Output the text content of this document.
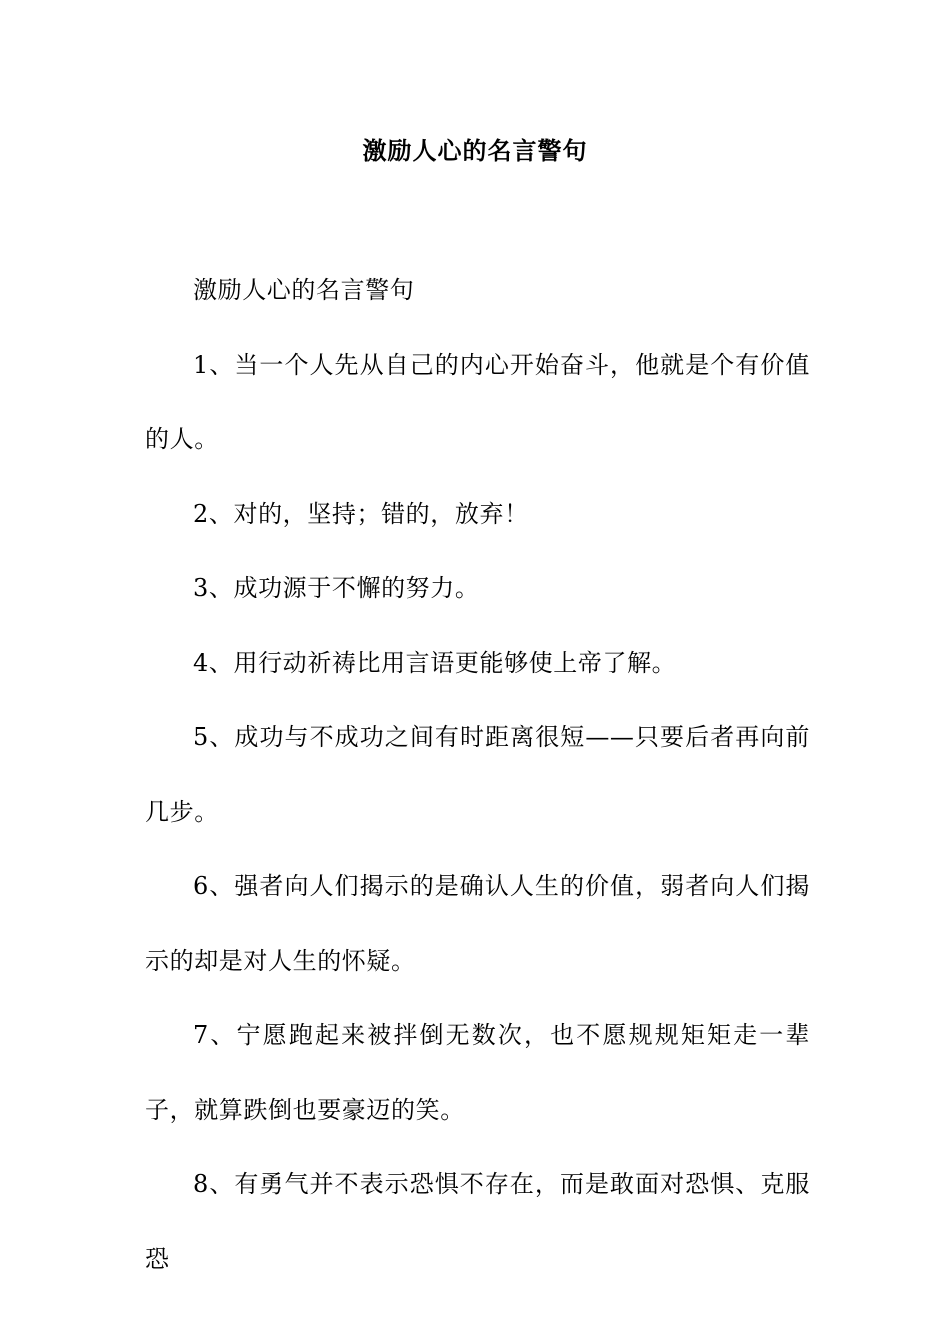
激励人心的名言警句

激励人心的名言警句

1、当一个人先从自己的内心开始奋斗，他就是个有价值的人。

2、对的，坚持；错的，放弃！

3、成功源于不懈的努力。

4、用行动祈祷比用言语更能够使上帝了解。

5、成功与不成功之间有时距离很短——只要后者再向前几步。

6、强者向人们揭示的是确认人生的价值，弱者向人们揭示的却是对人生的怀疑。

7、宁愿跑起来被拌倒无数次，也不愿规规矩矩走一辈子，就算跌倒也要豪迈的笑。

8、有勇气并不表示恐惧不存在，而是敢面对恐惧、克服恐
